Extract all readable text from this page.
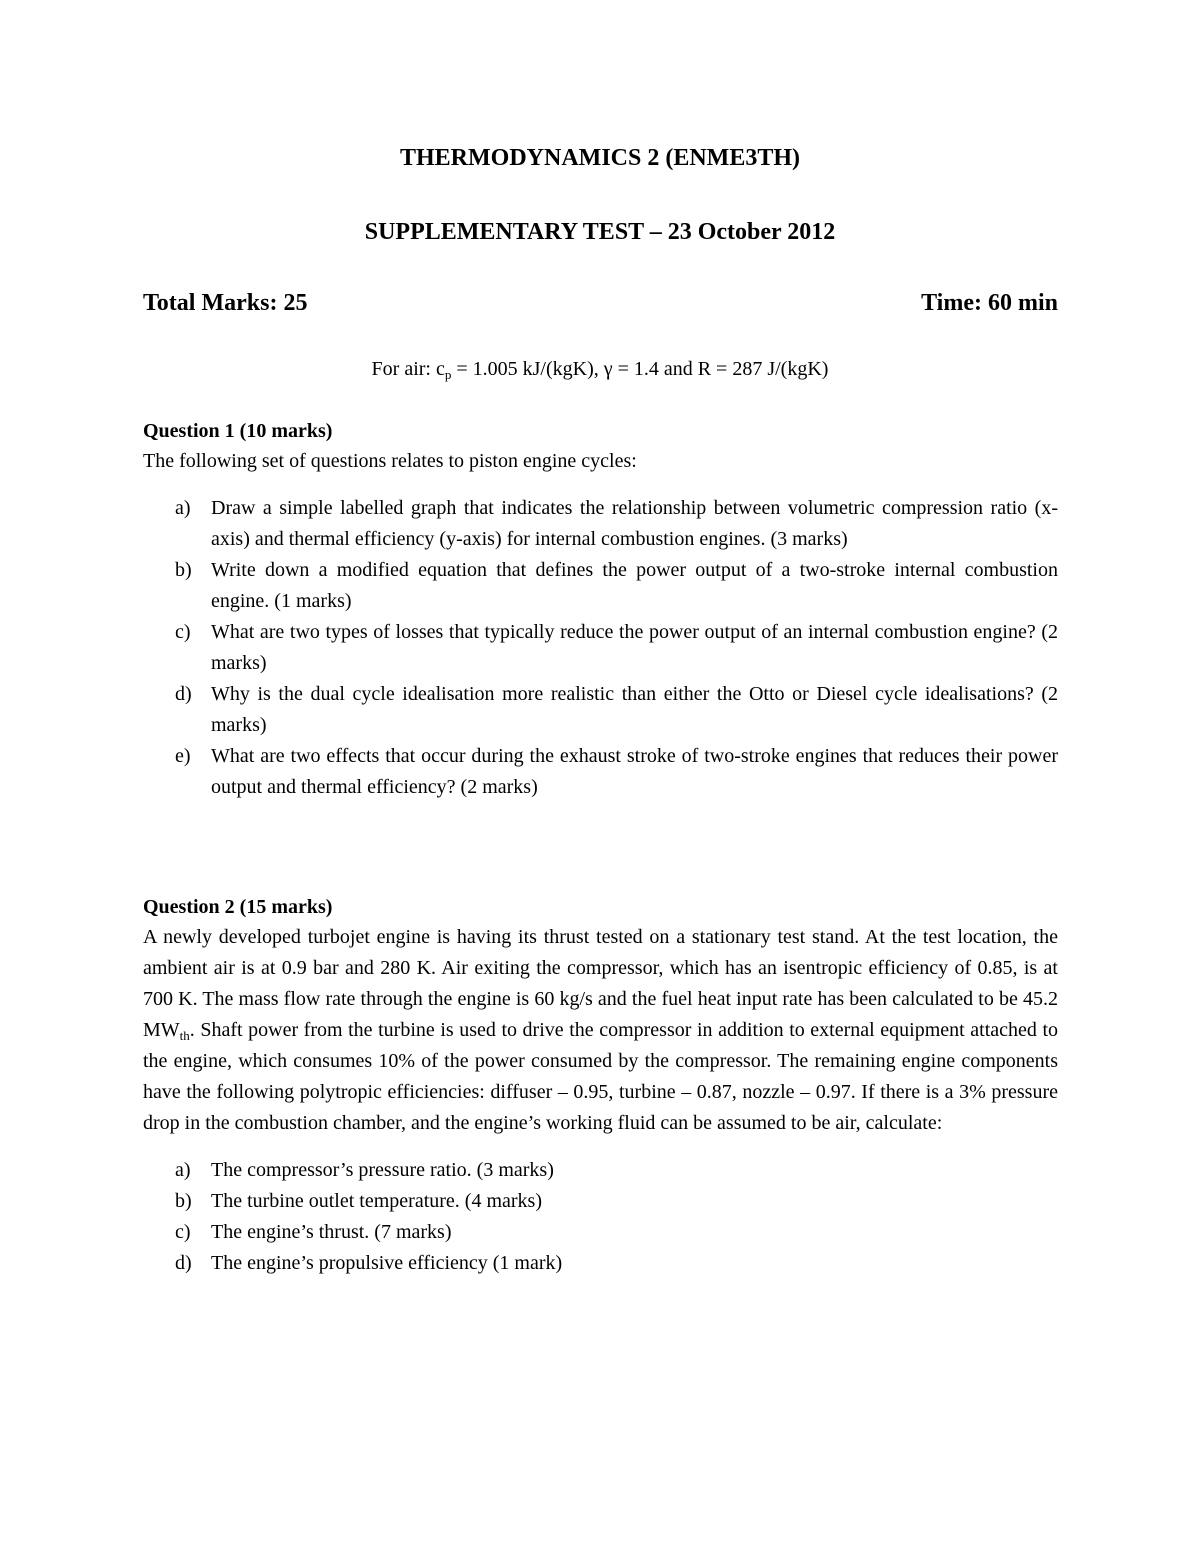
THERMODYNAMICS 2 (ENME3TH)
SUPPLEMENTARY TEST – 23 October 2012
Total Marks: 25	Time: 60 min
For air: $c_p = 1.005$ kJ/(kgK), γ = 1.4 and R = 287 J/(kgK)
Question 1 (10 marks)
The following set of questions relates to piston engine cycles:
a) Draw a simple labelled graph that indicates the relationship between volumetric compression ratio (x-axis) and thermal efficiency (y-axis) for internal combustion engines. (3 marks)
b) Write down a modified equation that defines the power output of a two-stroke internal combustion engine. (1 marks)
c) What are two types of losses that typically reduce the power output of an internal combustion engine? (2 marks)
d) Why is the dual cycle idealisation more realistic than either the Otto or Diesel cycle idealisations? (2 marks)
e) What are two effects that occur during the exhaust stroke of two-stroke engines that reduces their power output and thermal efficiency? (2 marks)
Question 2 (15 marks)
A newly developed turbojet engine is having its thrust tested on a stationary test stand. At the test location, the ambient air is at 0.9 bar and 280 K. Air exiting the compressor, which has an isentropic efficiency of 0.85, is at 700 K. The mass flow rate through the engine is 60 kg/s and the fuel heat input rate has been calculated to be 45.2 $MW_{th}$. Shaft power from the turbine is used to drive the compressor in addition to external equipment attached to the engine, which consumes 10% of the power consumed by the compressor. The remaining engine components have the following polytropic efficiencies: diffuser – 0.95, turbine – 0.87, nozzle – 0.97. If there is a 3% pressure drop in the combustion chamber, and the engine’s working fluid can be assumed to be air, calculate:
a) The compressor’s pressure ratio. (3 marks)
b) The turbine outlet temperature. (4 marks)
c) The engine’s thrust. (7 marks)
d) The engine’s propulsive efficiency (1 mark)
